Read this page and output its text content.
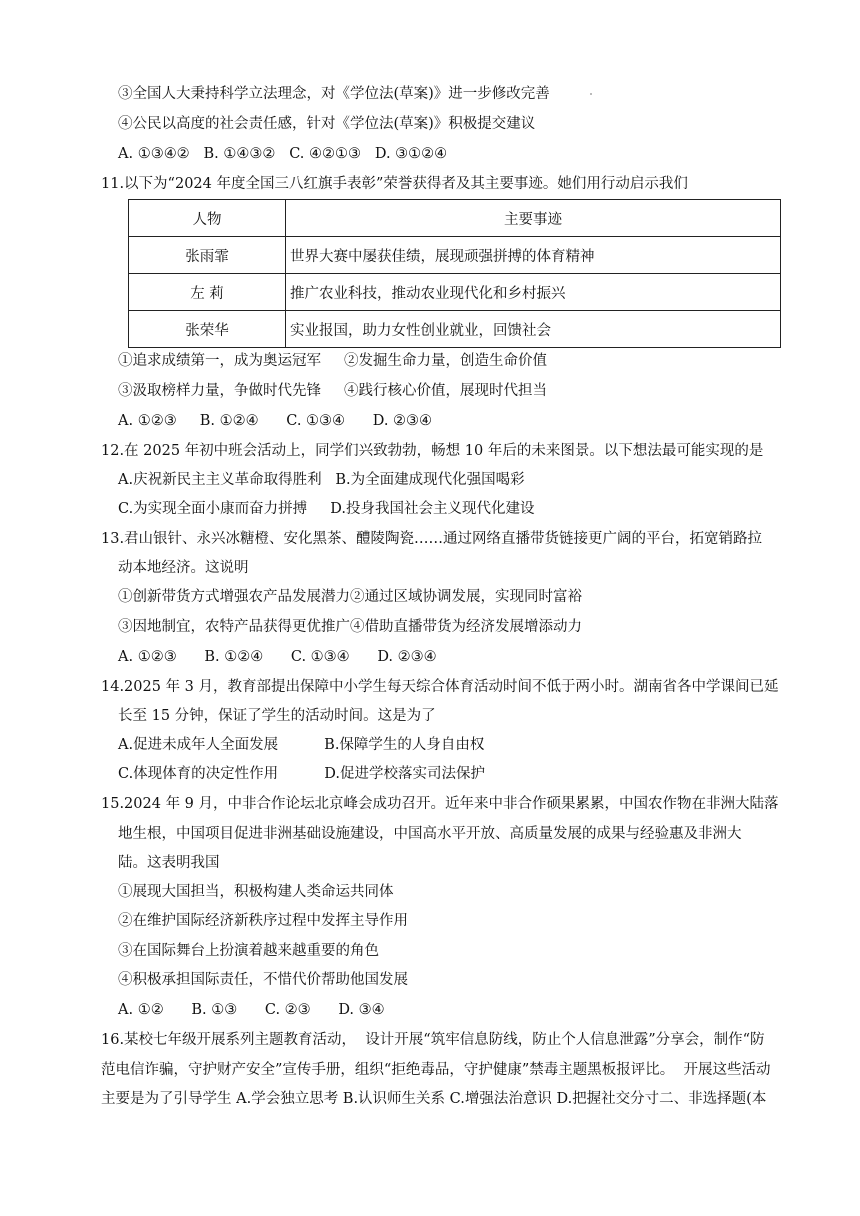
③全国人大秉持科学立法理念，对《学位法(草案)》进一步修改完善
④公民以高度的社会责任感，针对《学位法(草案)》积极提交建议
A. ①③④②   B. ①④③②   C. ④②①③   D. ③①②④
11.以下为“2024 年度全国三八红旗手表彰”荣誉获得者及其主要事迹。她们用行动启示我们
人物	主要事迹
张雨霏	世界大赛中屡获佳绩，展现顽强拼搏的体育精神
左 莉	推广农业科技，推动农业现代化和乡村振兴
张荣华	实业报国，助力女性创业就业，回馈社会
①追求成绩第一，成为奥运冠军     ②发掘生命力量，创造生命价值
③汲取榜样力量，争做时代先锋     ④践行核心价值，展现时代担当
A. ①②③     B. ①②④      C. ①③④      D. ②③④
12.在 2025 年初中班会活动上，同学们兴致勃勃，畅想 10 年后的未来图景。以下想法最可能实现的是
A.庆祝新民主主义革命取得胜利   B.为全面建成现代化强国喝彩
C.为实现全面小康而奋力拼搏     D.投身我国社会主义现代化建设
13.君山银针、永兴冰糖橙、安化黑茶、醴陵陶瓷……通过网络直播带货链接更广阔的平台，拓宽销路拉
动本地经济。这说明
①创新带货方式增强农产品发展潜力②通过区域协调发展，实现同时富裕
③因地制宜，农特产品获得更优推广④借助直播带货为经济发展增添动力
A. ①②③      B. ①②④      C. ①③④      D. ②③④
14.2025 年 3 月，教育部提出保障中小学生每天综合体育活动时间不低于两小时。湖南省各中学课间已延
长至 15 分钟，保证了学生的活动时间。这是为了
A.促进未成年人全面发展          B.保障学生的人身自由权
C.体现体育的决定性作用          D.促进学校落实司法保护
15.2024 年 9 月，中非合作论坛北京峰会成功召开。近年来中非合作硕果累累，中国农作物在非洲大陆落
地生根，中国项目促进非洲基础设施建设，中国高水平开放、高质量发展的成果与经验惠及非洲大
陆。这表明我国
①展现大国担当，积极构建人类命运共同体
②在维护国际经济新秩序过程中发挥主导作用
③在国际舞台上扮演着越来越重要的角色
④积极承担国际责任，不惜代价帮助他国发展
A. ①②      B. ①③      C. ②③      D. ③④
16.某校七年级开展系列主题教育活动，  设计开展“筑牢信息防线，防止个人信息泄露”分享会，制作“防
范电信诈骗，守护财产安全”宣传手册，组织“拒绝毒品，守护健康”禁毒主题黑板报评比。  开展这些活动
主要是为了引导学生 A.学会独立思考 B.认识师生关系 C.增强法治意识 D.把握社交分寸二、非选择题(本
